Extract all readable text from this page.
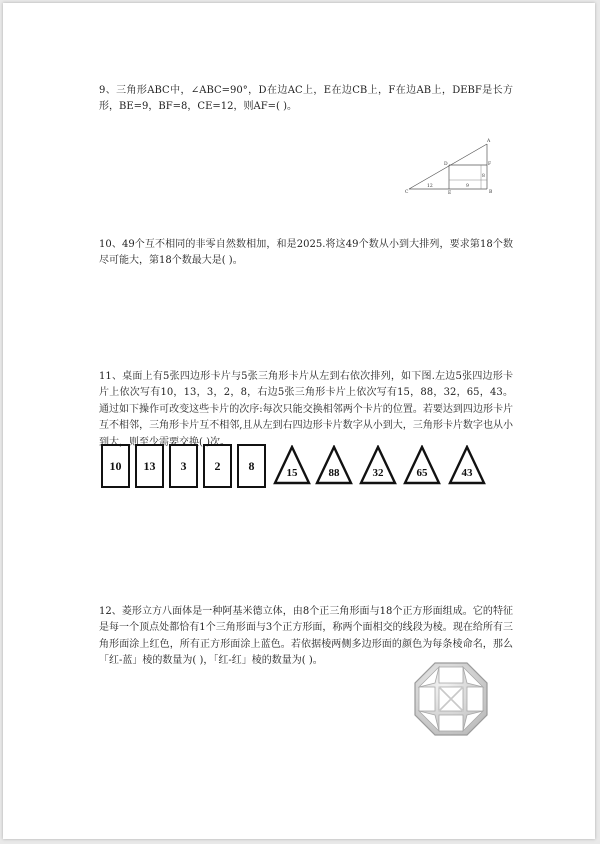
9、三角形ABC中，∠ABC=90°，D在边AC上，E在边CB上，F在边AB上，DEBF是长方形，BE=9，BF=8，CE=12，则AF=( )。

A
B
C
D
E
F
12	9
8

10、49个互不相同的非零自然数相加，和是2025.将这49个数从小到大排列，要求第18个数尽可能大，第18个数最大是( )。

11、桌面上有5张四边形卡片与5张三角形卡片从左到右依次排列，如下图.左边5张四边形卡片上依次写有10，13，3，2，8，右边5张三角形卡片上依次写有15，88，32，65，43。通过如下操作可改变这些卡片的次序:每次只能交换相邻两个卡片的位置。若要达到四边形卡片互不相邻，三角形卡片互不相邻,且从左到右四边形卡片数字从小到大，三角形卡片数字也从小到大，则至少需要交换( )次。

10	13	3	2	8
15	88	32	65	43

12、菱形立方八面体是一种阿基米德立体，由8个正三角形面与18个正方形面组成。它的特征是每一个顶点处都恰有1个三角形面与3个正方形面，称两个面相交的线段为棱。现在给所有三角形面涂上红色，所有正方形面涂上蓝色。若依据棱两侧多边形面的颜色为每条棱命名，那么「红-蓝」棱的数量为( )，「红-红」棱的数量为( )。
